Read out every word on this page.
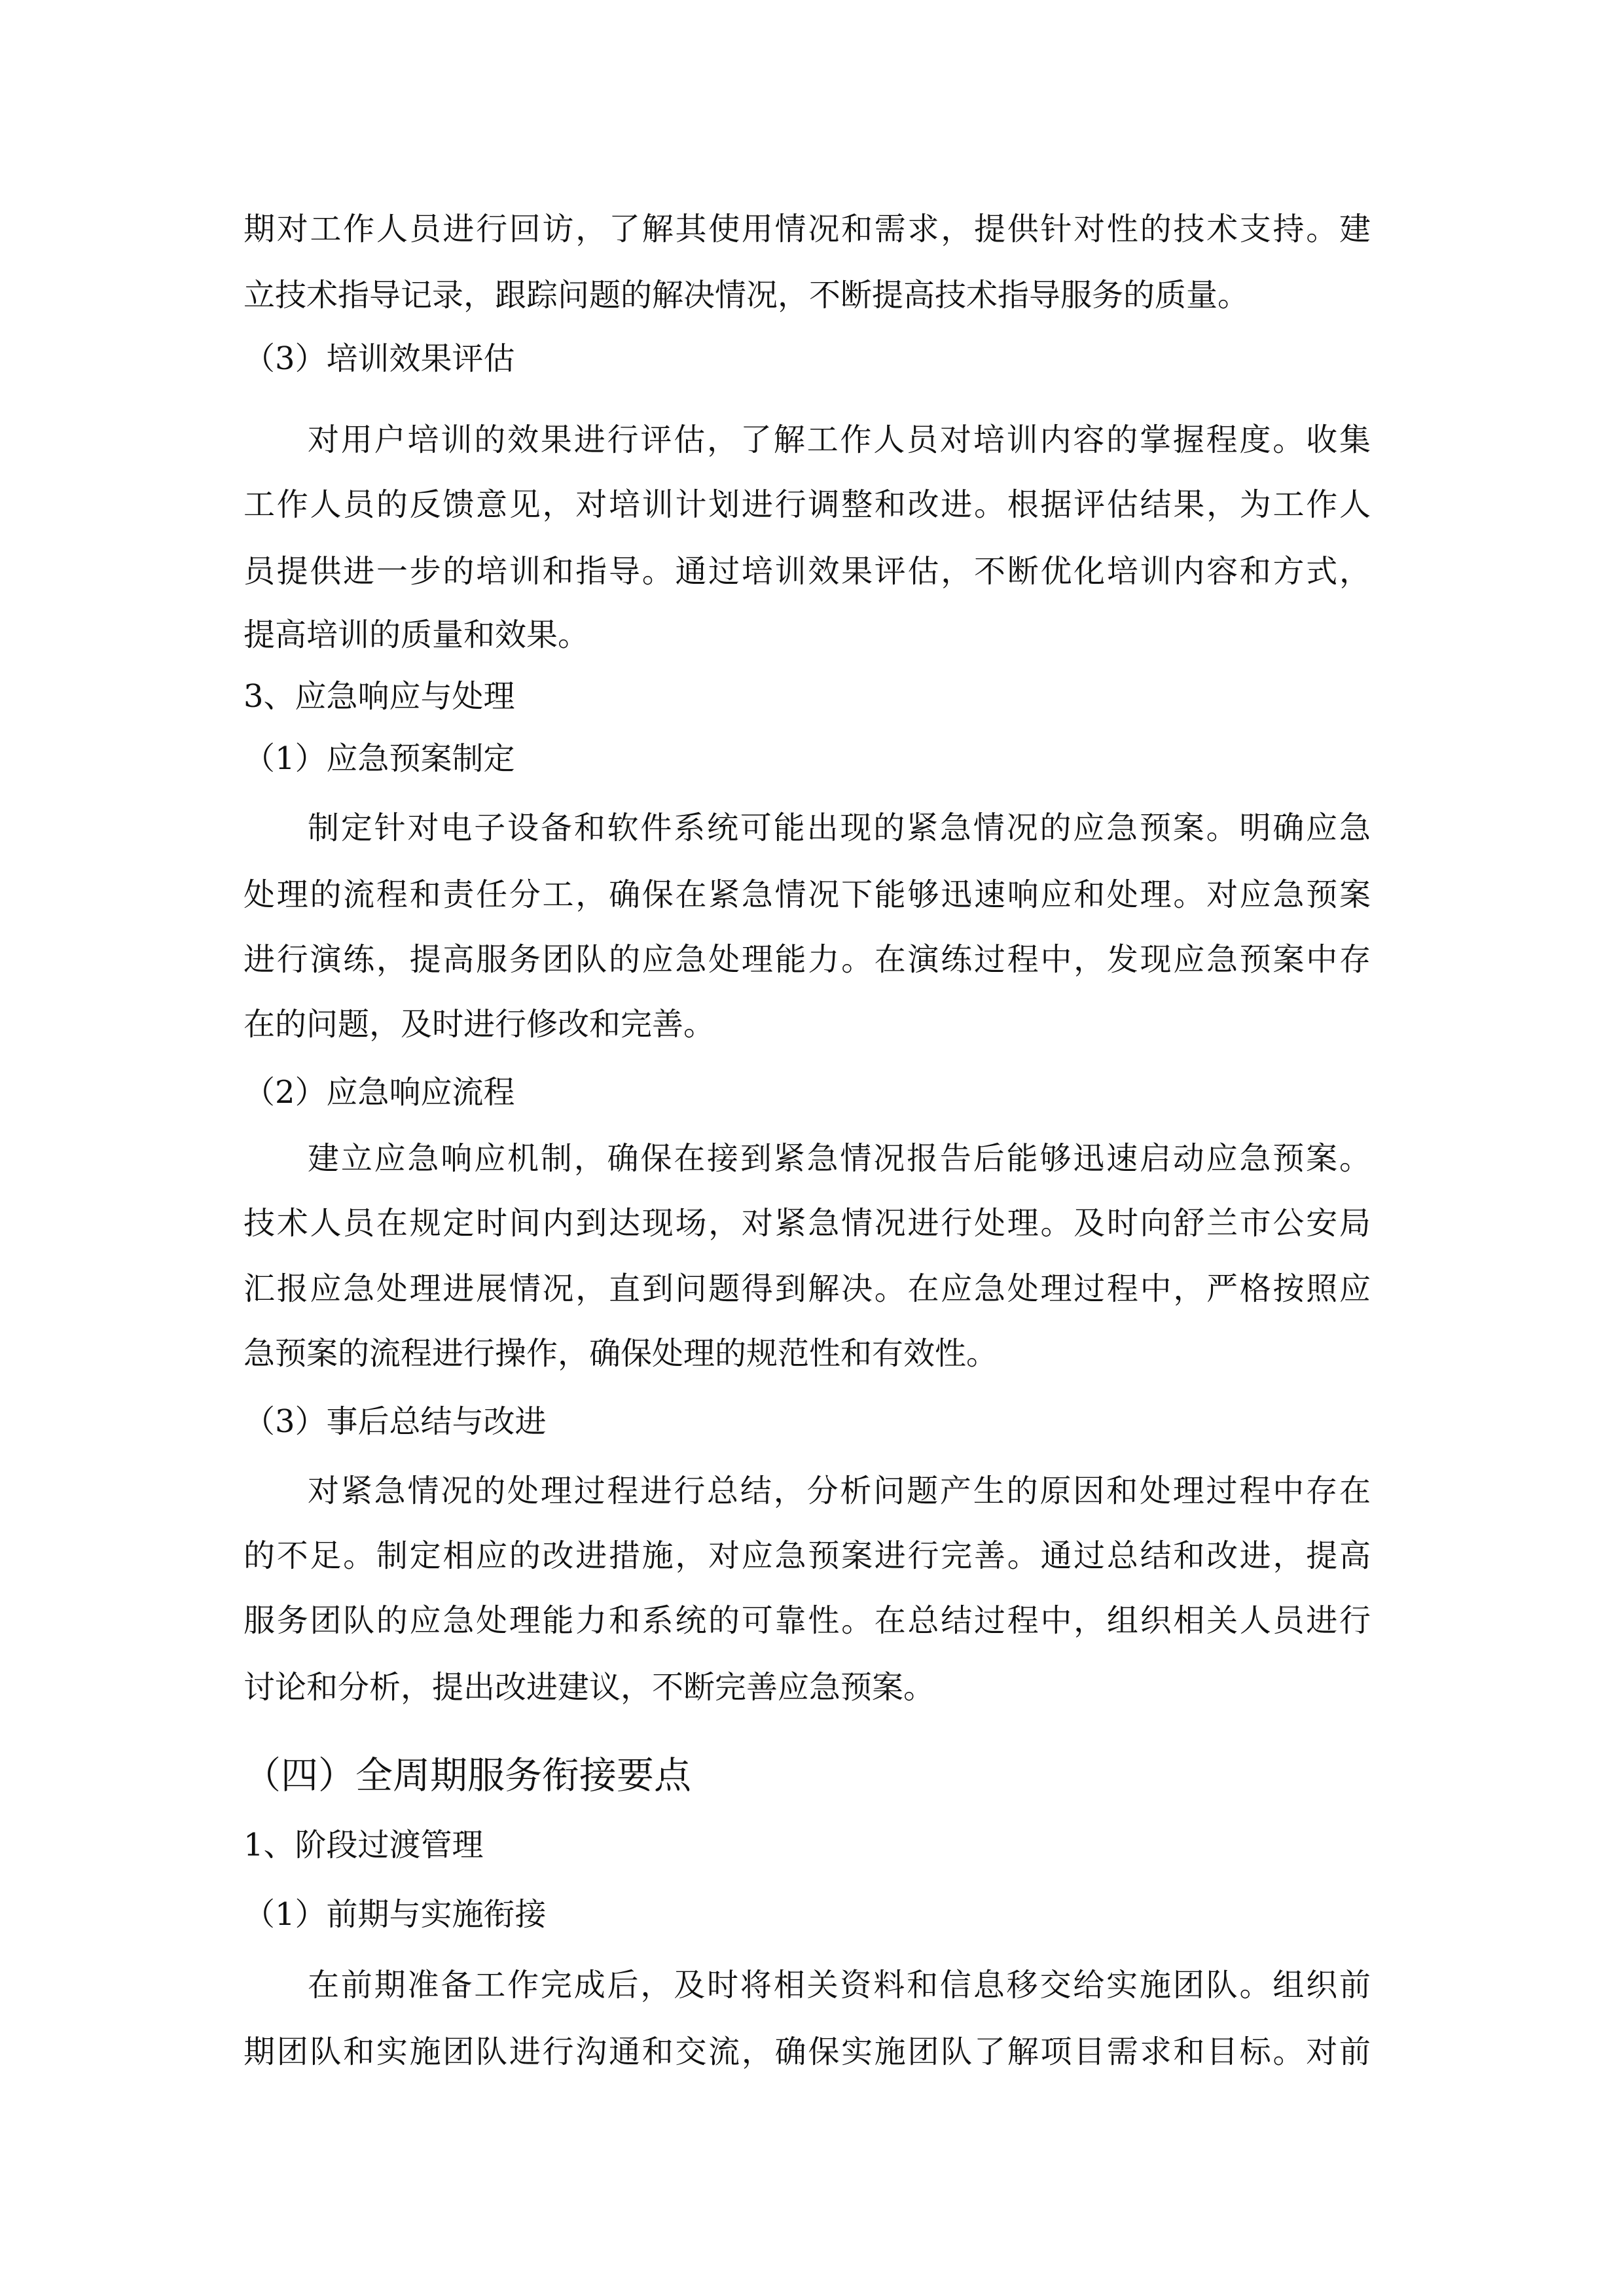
期对工作人员进行回访，了解其使用情况和需求，提供针对性的技术支持。建
立技术指导记录，跟踪问题的解决情况，不断提高技术指导服务的质量。
（3）培训效果评估
对用户培训的效果进行评估，了解工作人员对培训内容的掌握程度。收集
工作人员的反馈意见，对培训计划进行调整和改进。根据评估结果，为工作人
员提供进一步的培训和指导。通过培训效果评估，不断优化培训内容和方式，
提高培训的质量和效果。
3、应急响应与处理
（1）应急预案制定
制定针对电子设备和软件系统可能出现的紧急情况的应急预案。明确应急
处理的流程和责任分工，确保在紧急情况下能够迅速响应和处理。对应急预案
进行演练，提高服务团队的应急处理能力。在演练过程中，发现应急预案中存
在的问题，及时进行修改和完善。
（2）应急响应流程
建立应急响应机制，确保在接到紧急情况报告后能够迅速启动应急预案。
技术人员在规定时间内到达现场，对紧急情况进行处理。及时向舒兰市公安局
汇报应急处理进展情况，直到问题得到解决。在应急处理过程中，严格按照应
急预案的流程进行操作，确保处理的规范性和有效性。
（3）事后总结与改进
对紧急情况的处理过程进行总结，分析问题产生的原因和处理过程中存在
的不足。制定相应的改进措施，对应急预案进行完善。通过总结和改进，提高
服务团队的应急处理能力和系统的可靠性。在总结过程中，组织相关人员进行
讨论和分析，提出改进建议，不断完善应急预案。
（四）全周期服务衔接要点
1、阶段过渡管理
（1）前期与实施衔接
在前期准备工作完成后，及时将相关资料和信息移交给实施团队。组织前
期团队和实施团队进行沟通和交流，确保实施团队了解项目需求和目标。对前
